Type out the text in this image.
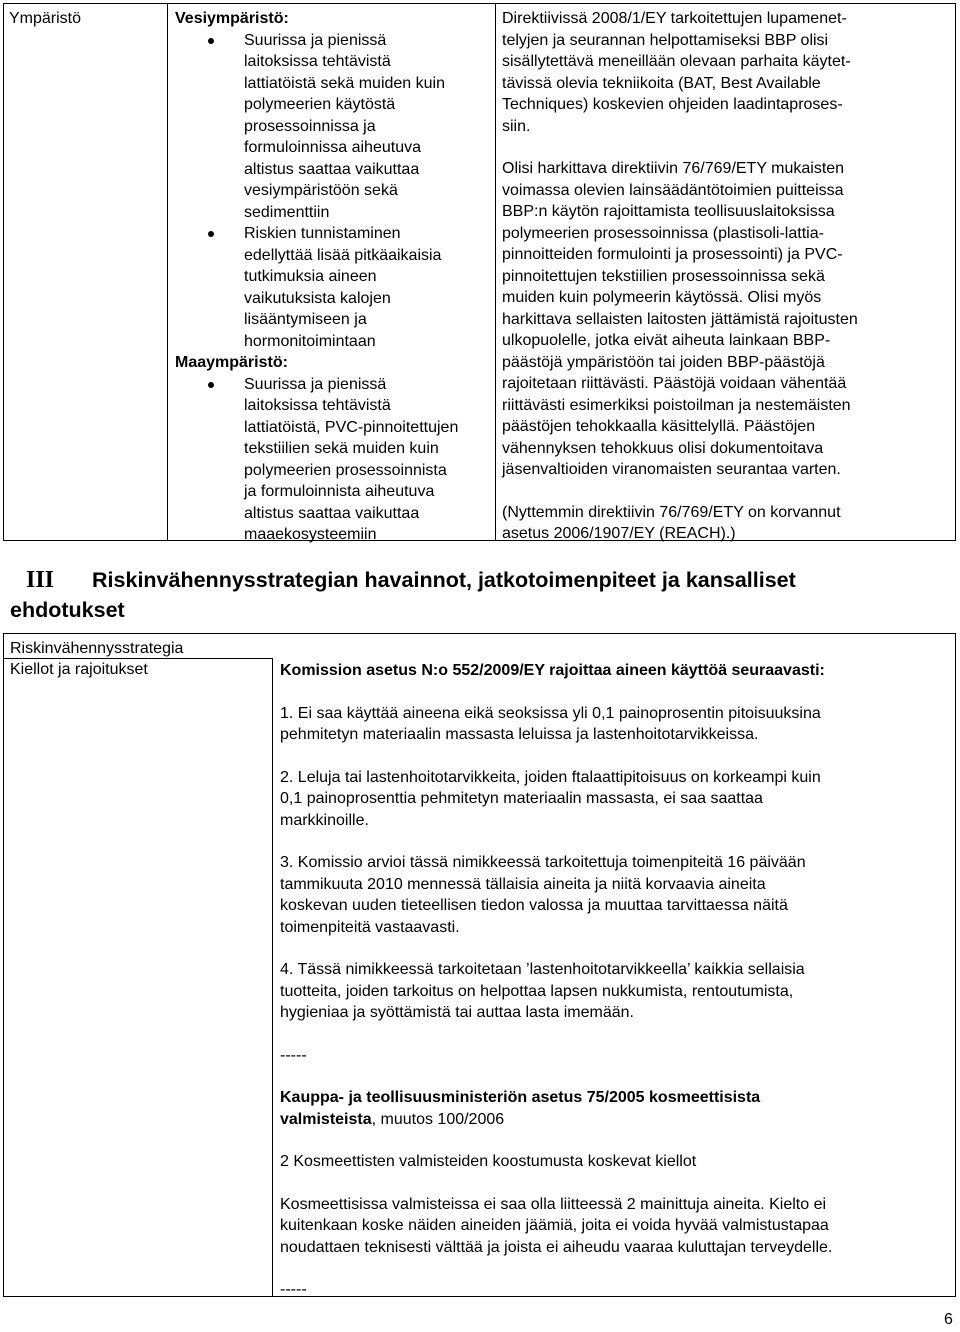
Ympäristö	Vesiympäristö:
Suurissa ja pienissä
laitoksissa tehtävistä
lattiatöistä sekä muiden kuin
polymeerien käytöstä
prosessoinnissa ja
formuloinnissa aiheutuva
altistus saattaa vaikuttaa
vesiympäristöön sekä
sedimenttiin
Riskien tunnistaminen
edellyttää lisää pitkäaikaisia
tutkimuksia aineen
vaikutuksista kalojen
lisääntymiseen ja
hormonitoimintaan
Maaympäristö:
Suurissa ja pienissä
laitoksissa tehtävistä
lattiatöistä, PVC-pinnoitettujen
tekstiilien sekä muiden kuin
polymeerien prosessoinnista
ja formuloinnista aiheutuva
altistus saattaa vaikuttaa
maaekosysteemiin
Direktiivissä 2008/1/EY tarkoitettujen lupamenet-
telyjen ja seurannan helpottamiseksi BBP olisi
sisällytettävä meneillään olevaan parhaita käytet-
tävissä olevia tekniikoita (BAT, Best Available
Techniques) koskevien ohjeiden laadintaproses-
siin.
Olisi harkittava direktiivin 76/769/ETY mukaisten
voimassa olevien lainsäädäntötoimien puitteissa
BBP:n käytön rajoittamista teollisuuslaitoksissa
polymeerien prosessoinnissa (plastisoli-lattia-
pinnoitteiden formulointi ja prosessointi) ja PVC-
pinnoitettujen tekstiilien prosessoinnissa sekä
muiden kuin polymeerin käytössä. Olisi myös
harkittava sellaisten laitosten jättämistä rajoitusten
ulkopuolelle, jotka eivät aiheuta lainkaan BBP-
päästöjä ympäristöön tai joiden BBP-päästöjä
rajoitetaan riittävästi. Päästöjä voidaan vähentää
riittävästi esimerkiksi poistoilman ja nestemäisten
päästöjen tehokkaalla käsittelyllä. Päästöjen
vähennyksen tehokkuus olisi dokumentoitava
jäsenvaltioiden viranomaisten seurantaa varten.
(Nyttemmin direktiivin 76/769/ETY on korvannut
asetus 2006/1907/EY (REACH).)
III Riskinvähennysstrategian havainnot, jatkotoimenpiteet ja kansalliset
ehdotukset
Riskinvähennysstrategia
Kiellot ja rajoitukset	Komission asetus N:o 552/2009/EY rajoittaa aineen käyttöä seuraavasti:
1. Ei saa käyttää aineena eikä seoksissa yli 0,1 painoprosentin pitoisuuksina
pehmitetyn materiaalin massasta leluissa ja lastenhoitotarvikkeissa.
2. Leluja tai lastenhoitotarvikkeita, joiden ftalaattipitoisuus on korkeampi kuin
0,1 painoprosenttia pehmitetyn materiaalin massasta, ei saa saattaa
markkinoille.
3. Komissio arvioi tässä nimikkeessä tarkoitettuja toimenpiteitä 16 päivään
tammikuuta 2010 mennessä tällaisia aineita ja niitä korvaavia aineita
koskevan uuden tieteellisen tiedon valossa ja muuttaa tarvittaessa näitä
toimenpiteitä vastaavasti.
4. Tässä nimikkeessä tarkoitetaan ’lastenhoitotarvikkeella’ kaikkia sellaisia
tuotteita, joiden tarkoitus on helpottaa lapsen nukkumista, rentoutumista,
hygieniaa ja syöttämistä tai auttaa lasta imemään.
-----
Kauppa- ja teollisuusministeriön asetus 75/2005 kosmeettisista
valmisteista, muutos 100/2006
2 Kosmeettisten valmisteiden koostumusta koskevat kiellot
Kosmeettisissa valmisteissa ei saa olla liitteessä 2 mainittuja aineita. Kielto ei
kuitenkaan koske näiden aineiden jäämiä, joita ei voida hyvää valmistustapaa
noudattaen teknisesti välttää ja joista ei aiheudu vaaraa kuluttajan terveydelle.
-----
6
